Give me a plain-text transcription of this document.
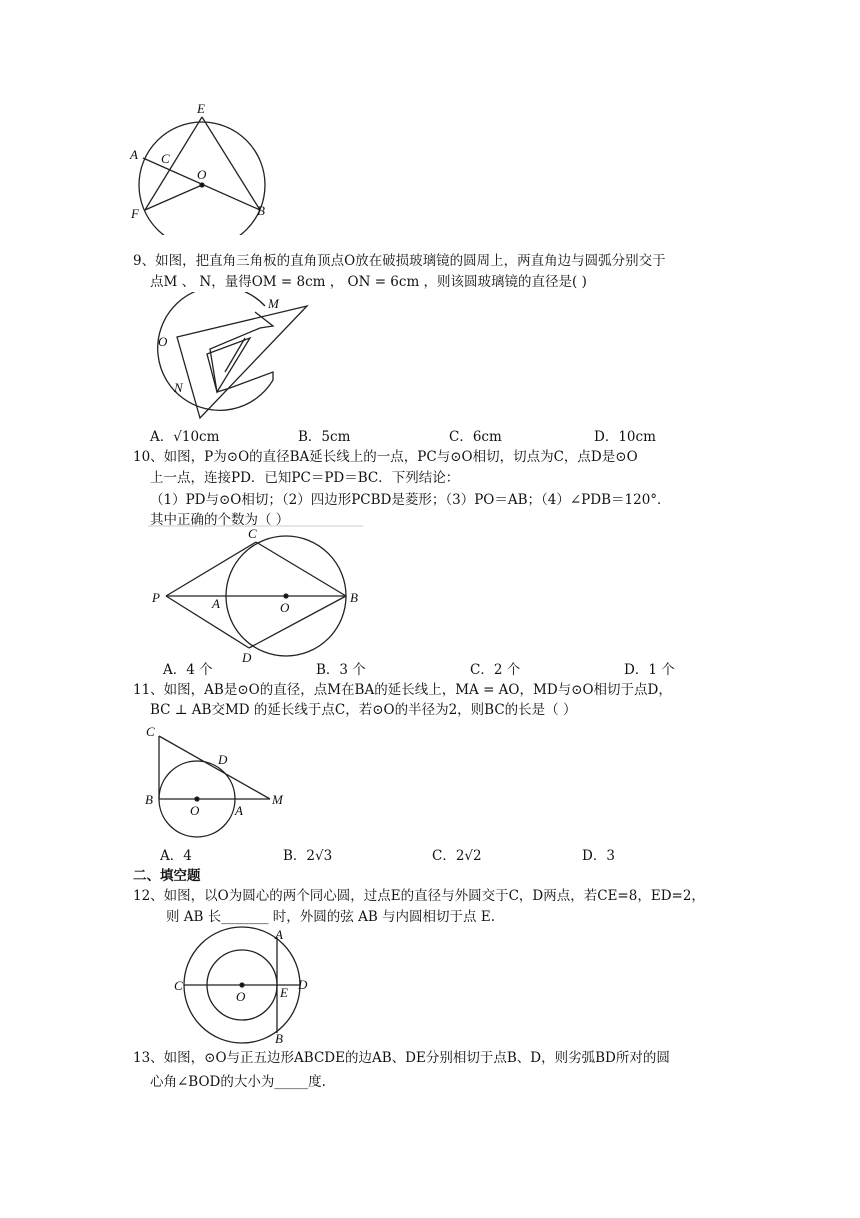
E
A C
O
F	B
9、如图，把直角三角板的直角顶点O放在破损玻璃镜的圆周上，两直角边与圆弧分别交于
点M 、 N，量得OM = 8cm ， ON = 6cm ，则该圆玻璃镜的直径是( )
M
O
N
A．√10cm	B．5cm	C．6cm	D．10cm
10、如图，P为⊙O的直径BA延长线上的一点，PC与⊙O相切，切点为C，点D是⊙O
上一点，连接PD．已知PC＝PD＝BC．下列结论：
（1）PD与⊙O相切；（2）四边形PCBD是菱形；（3）PO＝AB；（4）∠PDB＝120°．
其中正确的个数为（ ）
C
P	A	O
B
D
A．4 个	B．3 个	C．2 个	D．1 个
11、如图，AB是⊙O的直径，点M在BA的延长线上，MA = AO，MD与⊙O相切于点D，
BC ⊥ AB交MD 的延长线于点C，若⊙O的半径为2，则BC的长是（ ）
C
D
B
O	A
M
A．4	B．2√3	C．2√2	D．3
二、填空题
12、如图，以O为圆心的两个同心圆，过点E的直径与外圆交于C，D两点，若CE=8，ED=2，
则 AB 长_______ 时，外圆的弦 AB 与内圆相切于点 E.
A
C
O	E
D
B
13、如图，⊙O与正五边形ABCDE的边AB、DE分别相切于点B、D，则劣弧BD所对的圆
心角∠BOD的大小为_____度.
